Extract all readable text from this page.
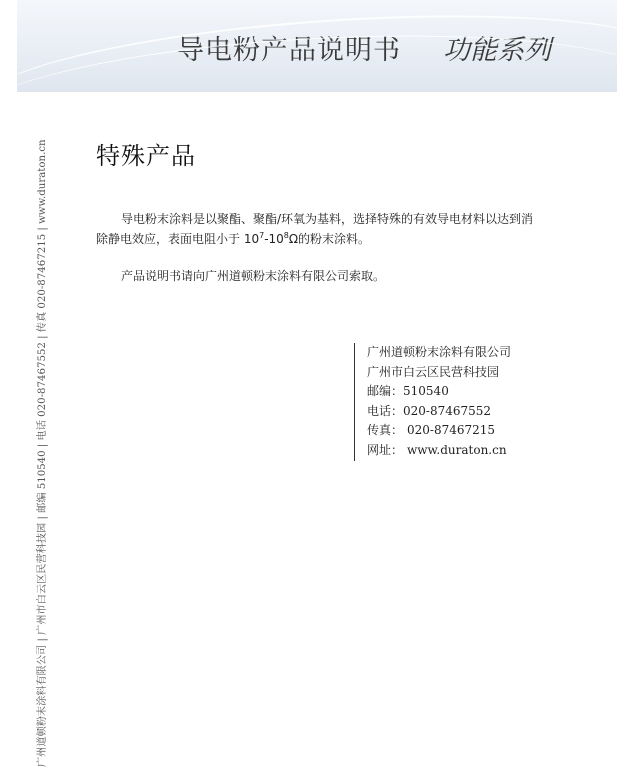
导电粉产品说明书 功能系列
广州道顿粉末涂料有限公司 | 广州市白云区民营科技园 | 邮编 510540 | 电话 020-87467552 | 传真 020-87467215 | www.duraton.cn 特殊产品

导电粉末涂料是以聚酯、聚酯/环氧为基料，选择特殊的有效导电材料以达到消除静电效应，表面电阻小于 $10^7-10^8\Omega$的粉末涂料。

产品说明书请向广州道顿粉末涂料有限公司索取。

广州道顿粉末涂料有限公司
广州市白云区民营科技园
邮编：510540
电话：020-87467552
传真： 020-87467215
网址： www.duraton.cn
